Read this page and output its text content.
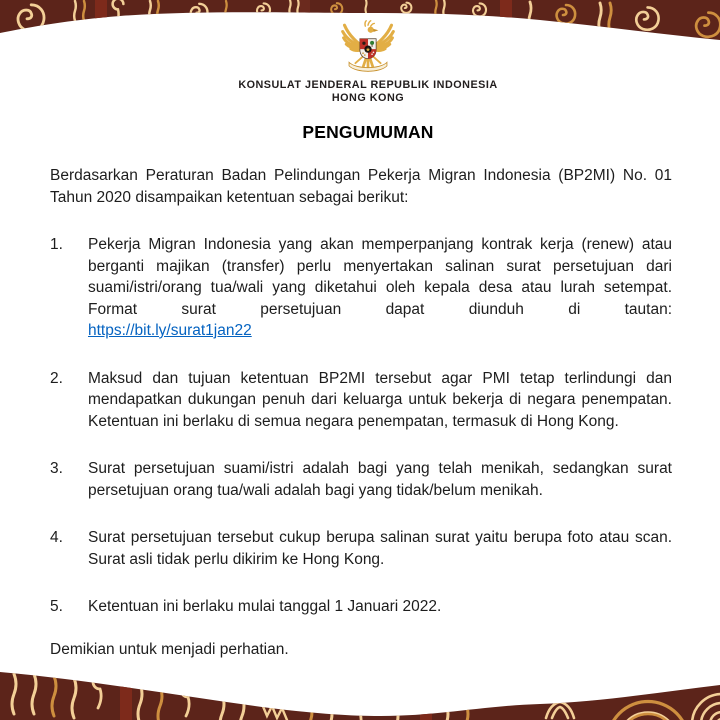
★
KONSULAT JENDERAL REPUBLIK INDONESIA
HONG KONG
PENGUMUMAN

Berdasarkan Peraturan Badan Pelindungan Pekerja Migran Indonesia (BP2MI) No. 01 Tahun 2020 disampaikan ketentuan sebagai berikut:

1.	Pekerja Migran Indonesia yang akan memperpanjang kontrak kerja (renew) atau berganti majikan (transfer) perlu menyertakan salinan surat persetujuan dari suami/istri/orang tua/wali yang diketahui oleh kepala desa atau lurah setempat. Format surat persetujuan dapat diunduh di tautan:
https://bit.ly/surat1jan22
2.	Maksud dan tujuan ketentuan BP2MI tersebut agar PMI tetap terlindungi dan mendapatkan dukungan penuh dari keluarga untuk bekerja di negara penempatan. Ketentuan ini berlaku di semua negara penempatan, termasuk di Hong Kong.
3.	Surat persetujuan suami/istri adalah bagi yang telah menikah, sedangkan surat persetujuan orang tua/wali adalah bagi yang tidak/belum menikah.
4.	Surat persetujuan tersebut cukup berupa salinan surat yaitu berupa foto atau scan. Surat asli tidak perlu dikirim ke Hong Kong.
5.	Ketentuan ini berlaku mulai tanggal 1 Januari 2022.

Demikian untuk menjadi perhatian.
